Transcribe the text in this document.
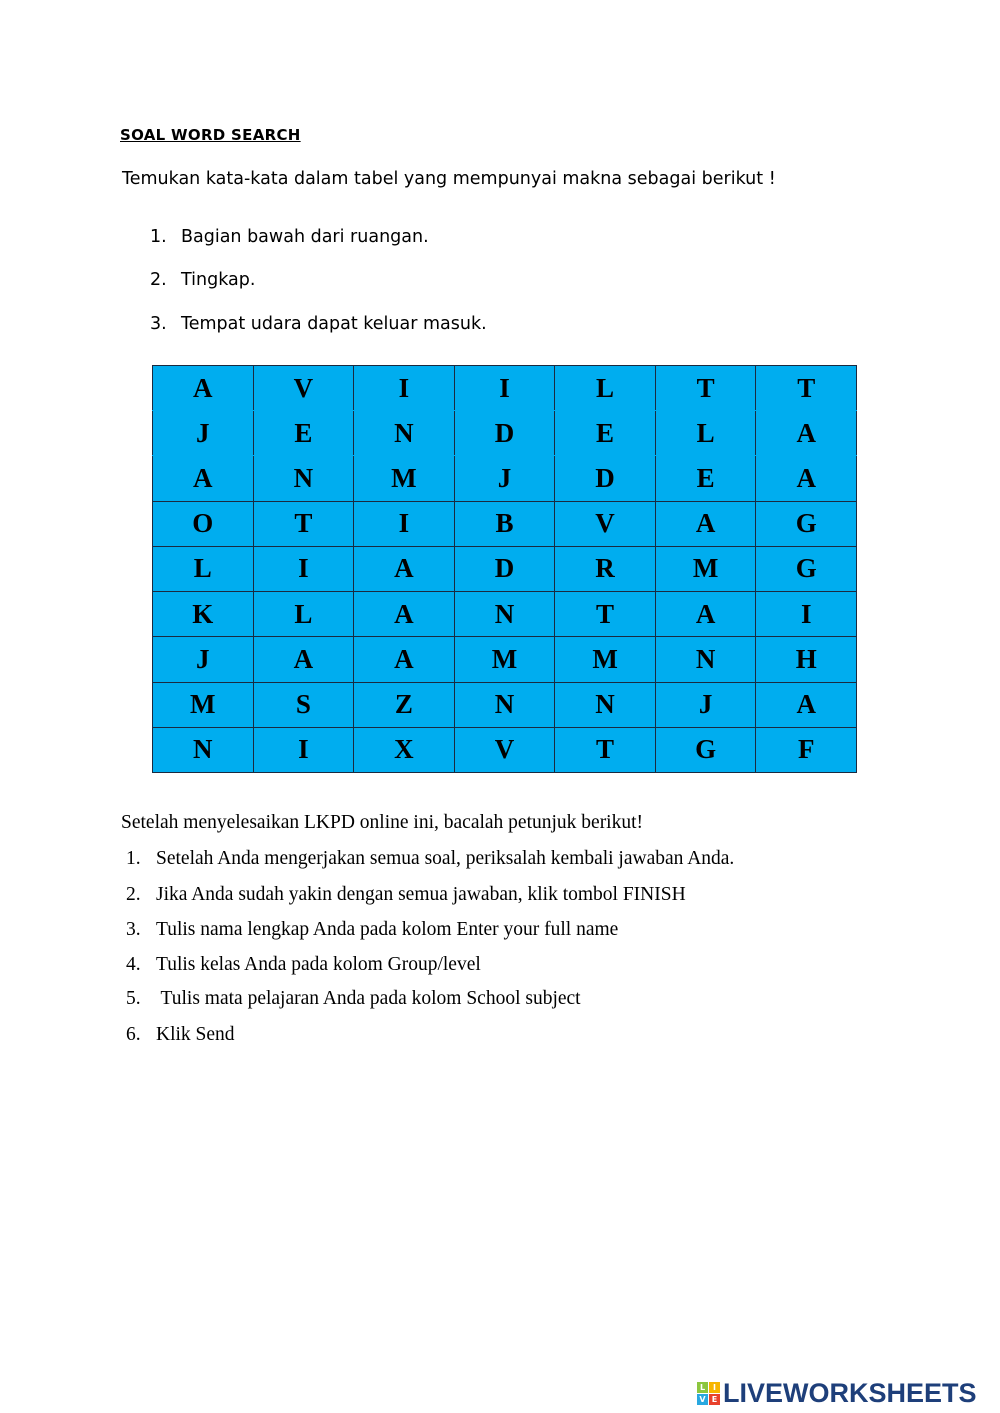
SOAL WORD SEARCH
Temukan kata-kata dalam tabel yang mempunyai makna sebagai berikut !
1. Bagian bawah dari ruangan.
2. Tingkap.
3. Tempat udara dapat keluar masuk.
A	V	I	I	L	T	T
J	E	N	D	E	L	A
A	N	M	J	D	E	A
O	T	I	B	V	A	G
L	I	A	D	R	M	G
K	L	A	N	T	A	I
J	A	A	M	M	N	H
M	S	Z	N	N	J	A
N	I	X	V	T	G	F
Setelah menyelesaikan LKPD online ini, bacalah petunjuk berikut!
1. Setelah Anda mengerjakan semua soal, periksalah kembali jawaban Anda.
2. Jika Anda sudah yakin dengan semua jawaban, klik tombol FINISH
3. Tulis nama lengkap Anda pada kolom Enter your full name
4. Tulis kelas Anda pada kolom Group/level
5. Tulis mata pelajaran Anda pada kolom School subject
6. Klik Send
L I
V E LIVEWORKSHEETS
